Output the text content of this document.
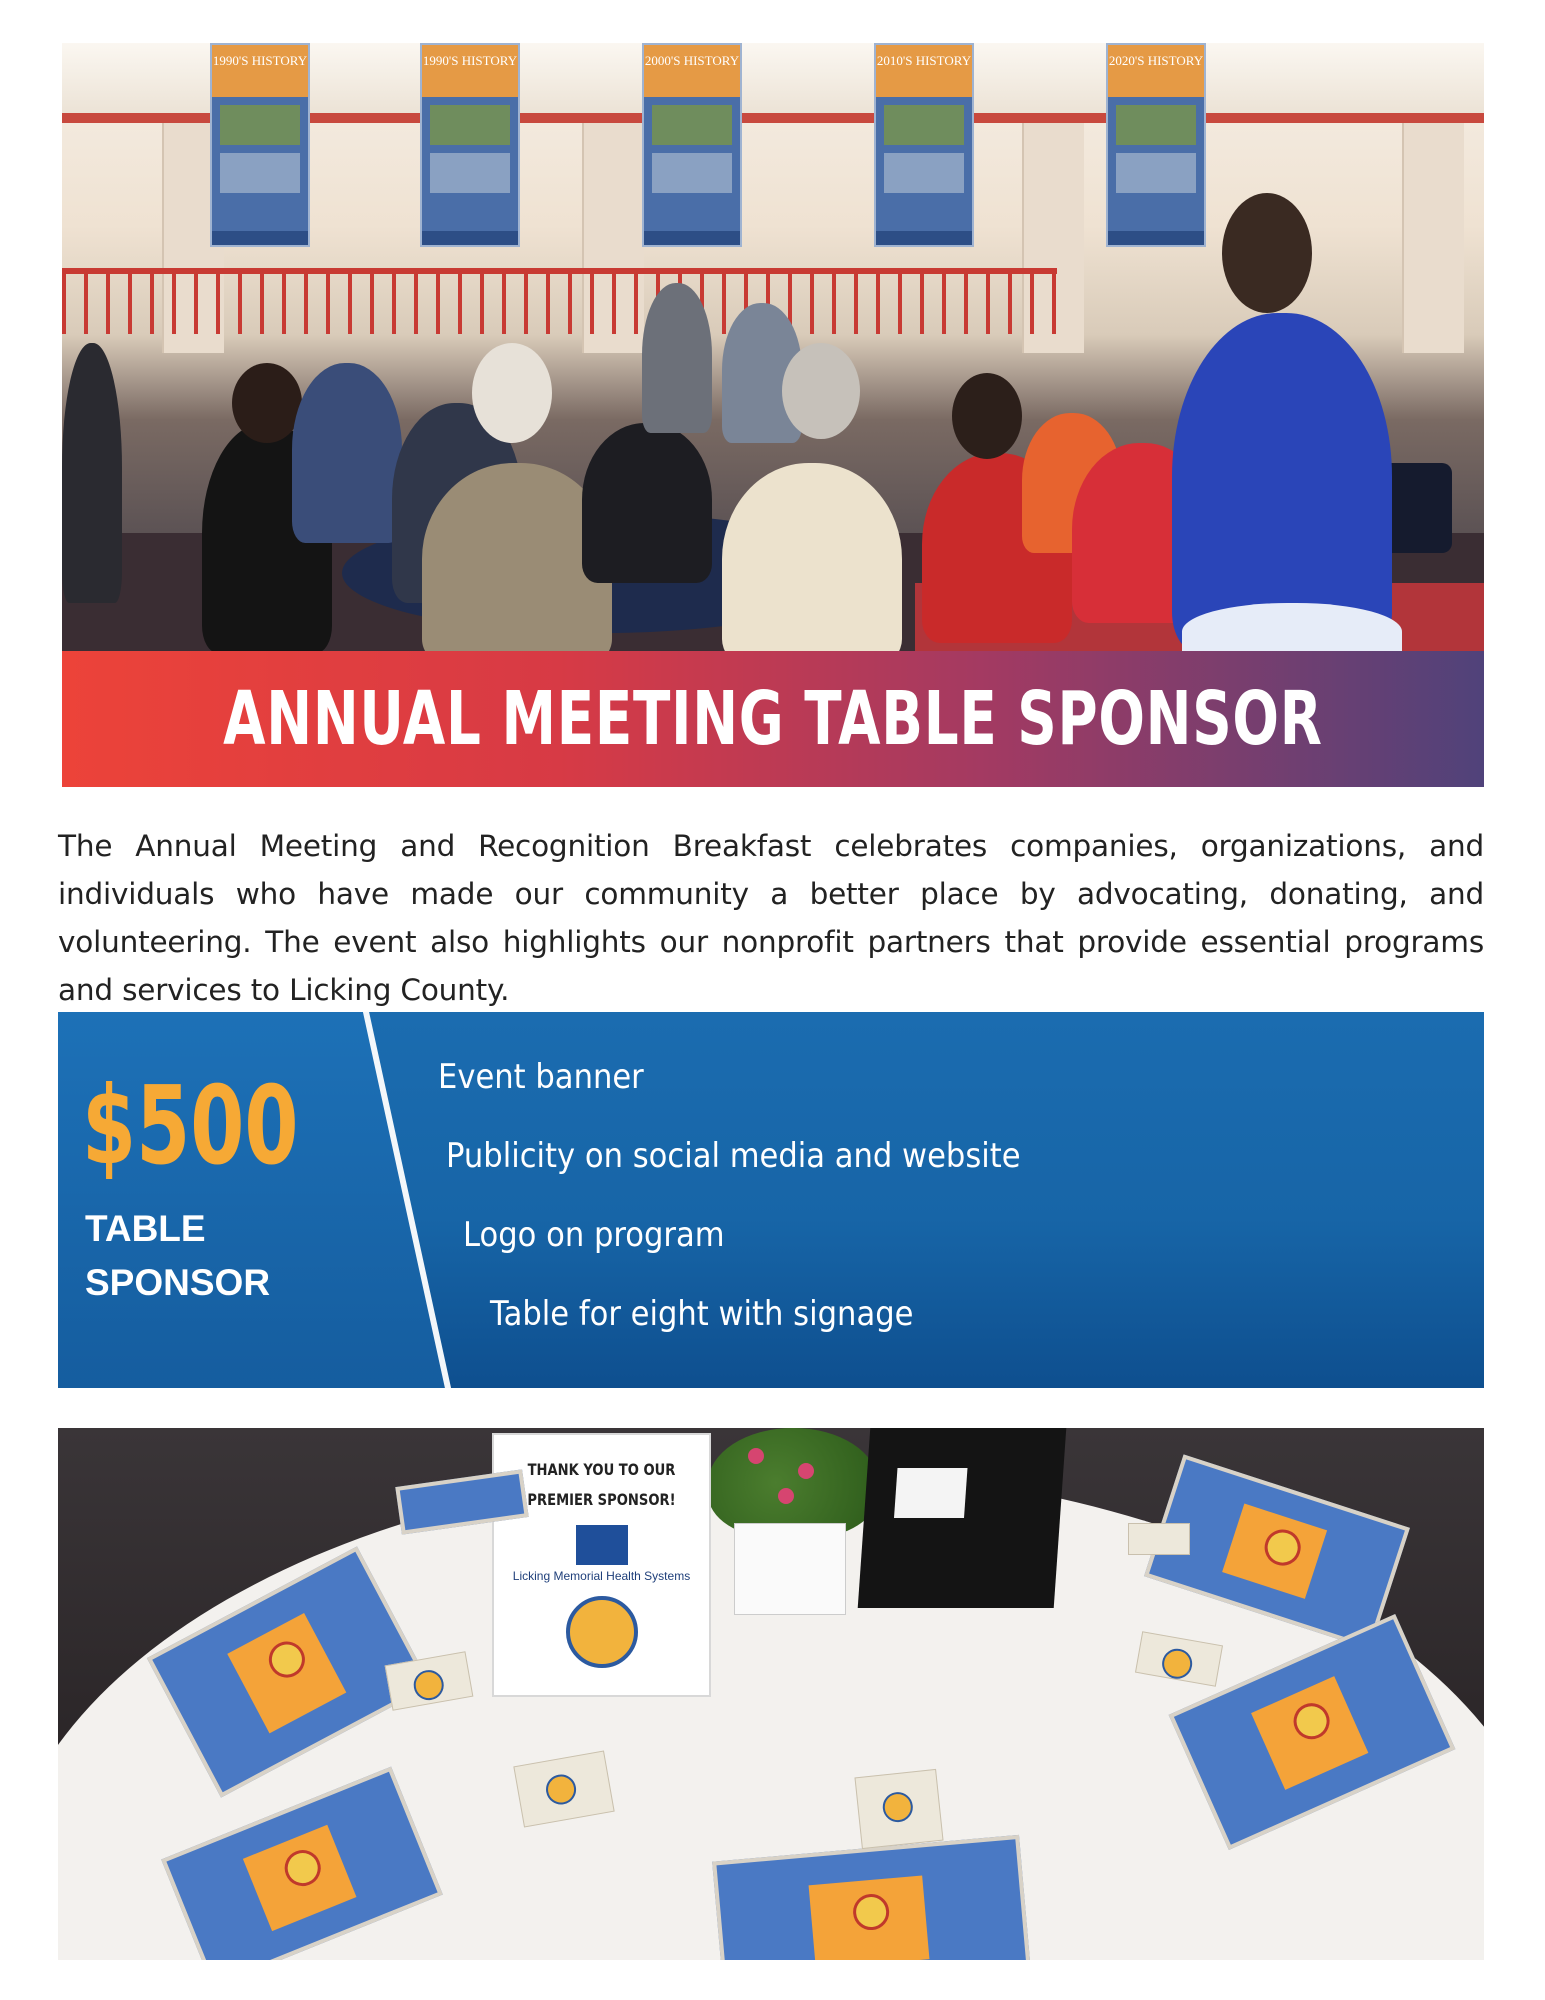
1990'S HISTORY	1990'S HISTORY	2000'S HISTORY	2010'S HISTORY	2020'S HISTORY
ANNUAL MEETING TABLE SPONSOR

The Annual Meeting and Recognition Breakfast celebrates companies, organizations, and individuals who have made our community a better place by advocating, donating, and volunteering. The event also highlights our nonprofit partners that provide essential programs and services to Licking County.

$500

TABLE
SPONSOR

Event banner
Publicity on social media and website
Logo on program
Table for eight with signage
THANK YOU TO OUR PREMIER SPONSOR!
Licking Memorial Health Systems
